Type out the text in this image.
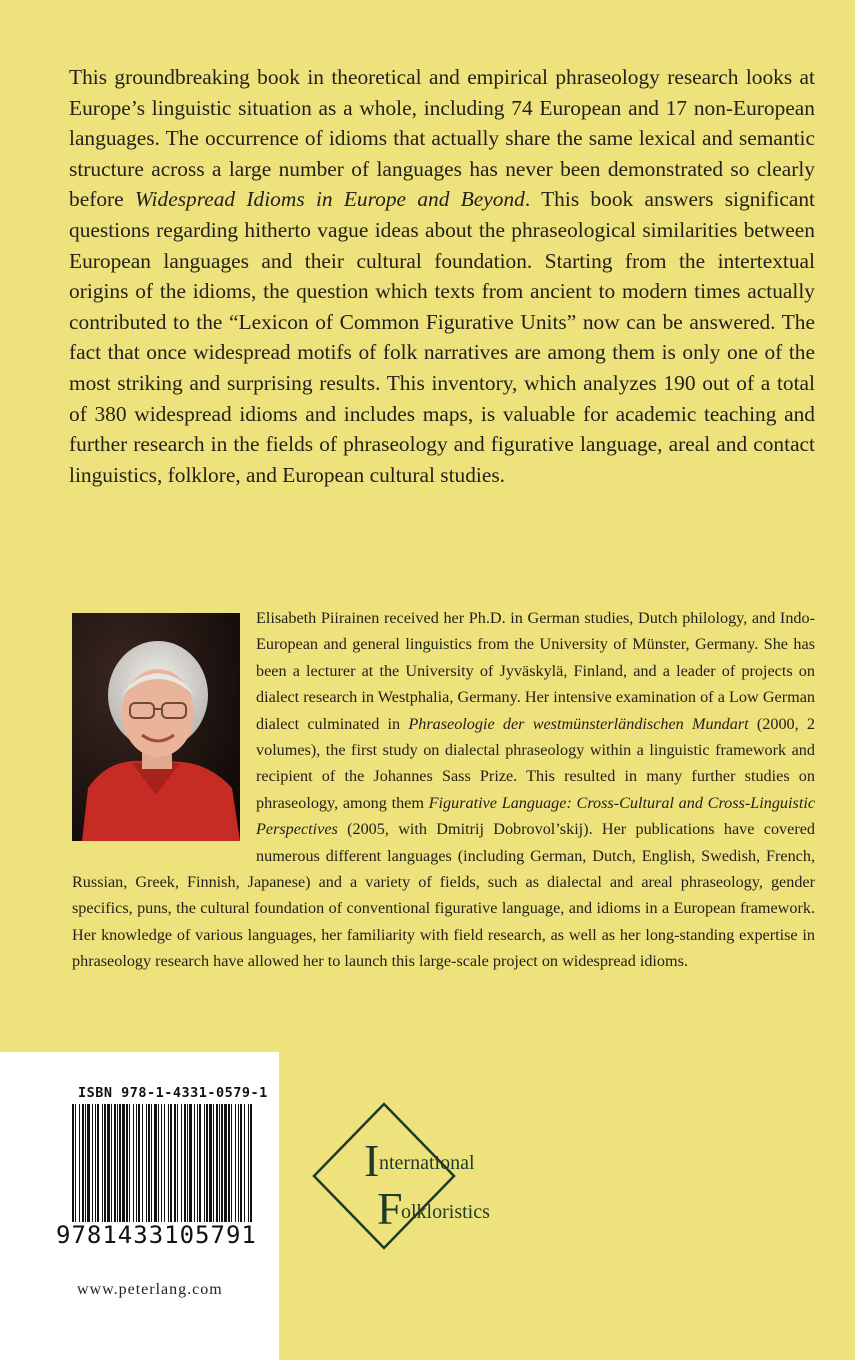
This groundbreaking book in theoretical and empirical phraseology research looks at Europe’s linguistic situation as a whole, including 74 European and 17 non-European languages. The occurrence of idioms that actually share the same lexical and semantic structure across a large number of languages has never been demonstrated so clearly before Widespread Idioms in Europe and Beyond. This book answers significant questions regarding hitherto vague ideas about the phraseological similarities between European languages and their cultural foundation. Starting from the intertextual origins of the idioms, the question which texts from ancient to modern times actually contributed to the “Lexicon of Common Figurative Units” now can be answered. The fact that once widespread motifs of folk narratives are among them is only one of the most striking and surprising results. This inventory, which analyzes 190 out of a total of 380 widespread idioms and includes maps, is valuable for academic teaching and further research in the fields of phraseology and figurative language, areal and contact linguistics, folklore, and European cultural studies.
Elisabeth Piirainen received her Ph.D. in German studies, Dutch philology, and Indo-European and general linguistics from the University of Münster, Germany. She has been a lecturer at the University of Jyväskylä, Finland, and a leader of projects on dialect research in Westphalia, Germany. Her intensive examination of a Low German dialect culminated in Phraseologie der westmünsterländischen Mundart (2000, 2 volumes), the first study on dialectal phraseology within a linguistic framework and recipient of the Johannes Sass Prize. This resulted in many further studies on phraseology, among them Figurative Language: Cross-Cultural and Cross-Linguistic Perspectives (2005, with Dmitrij Dobrovol’skij). Her publications have covered numerous different languages (including German, Dutch, English, Swedish, French, Russian, Greek, Finnish, Japanese) and a variety of fields, such as dialectal and areal phraseology, gender specifics, puns, the cultural foundation of conventional figurative language, and idioms in a European framework. Her knowledge of various languages, her familiarity with field research, as well as her long-standing expertise in phraseology research have allowed her to launch this large-scale project on widespread idioms.
ISBN 978-1-4331-0579-1
9781433105791
www.peterlang.com
I nternational
F
olkloristics
